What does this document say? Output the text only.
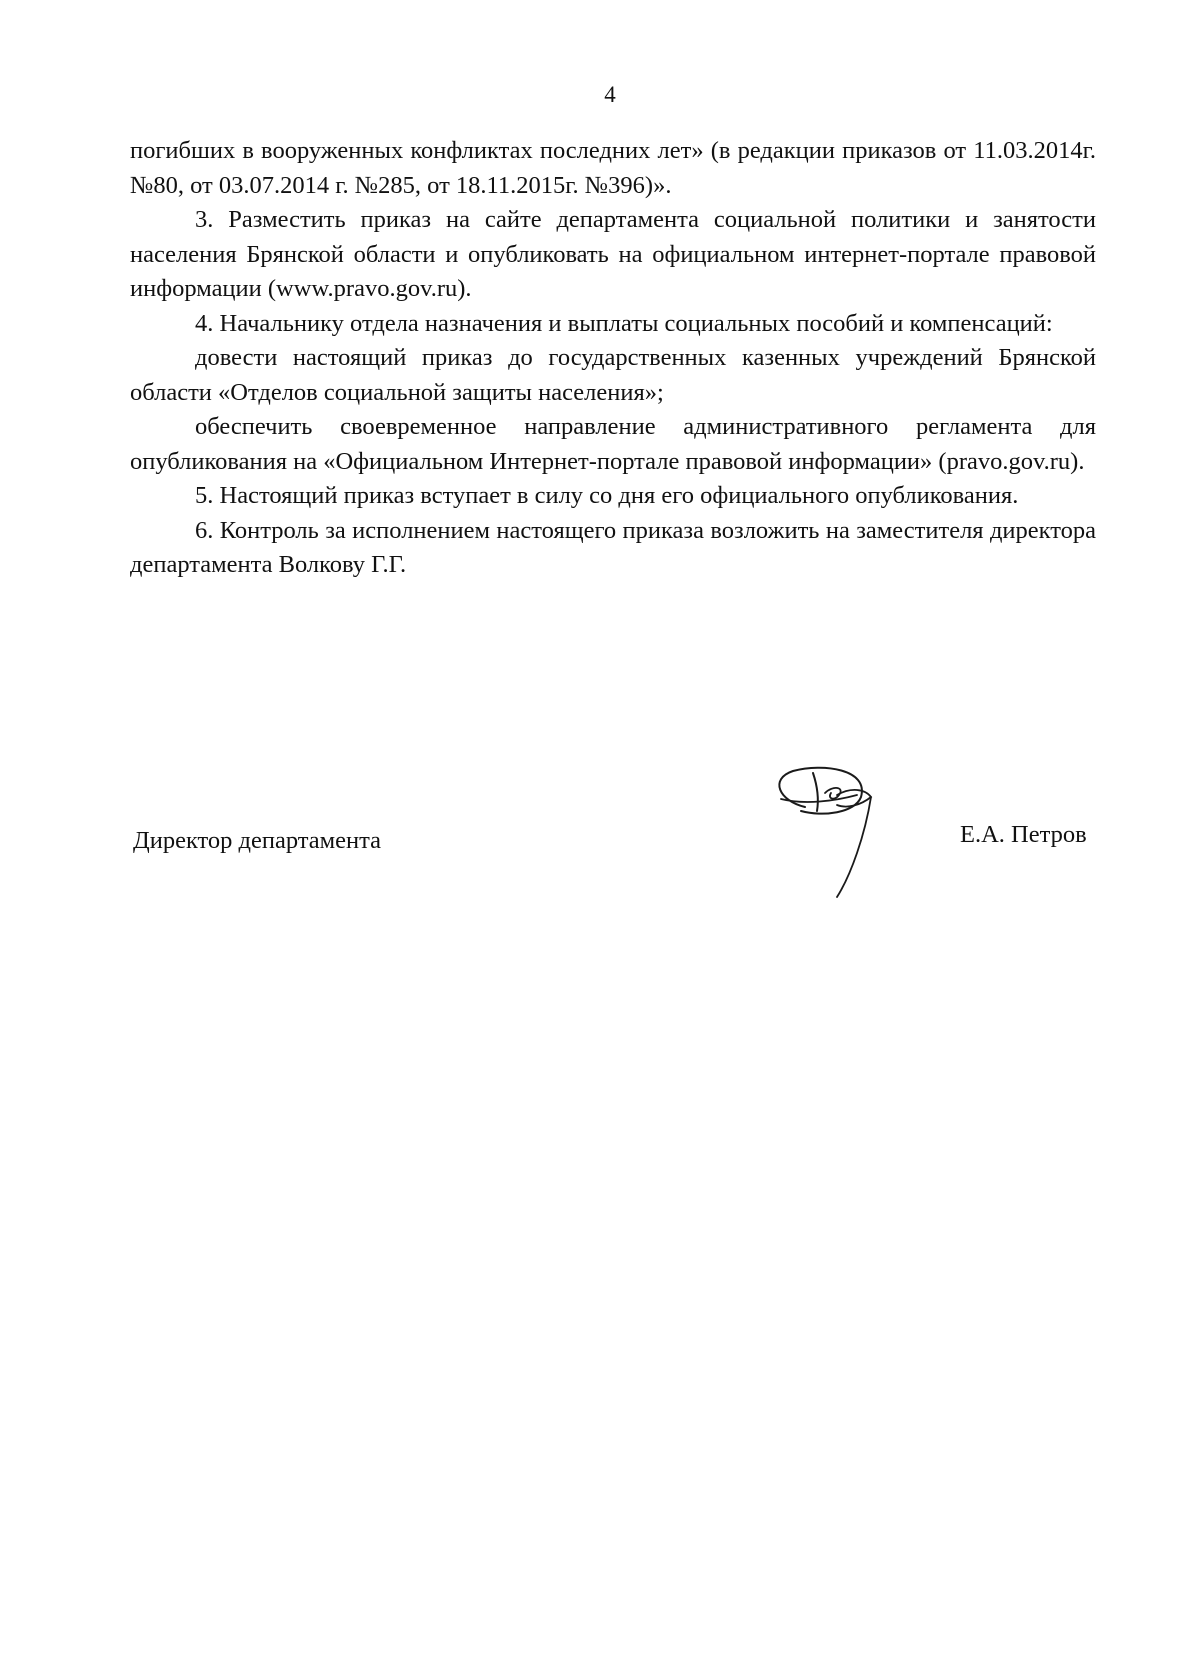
4

погибших в вооруженных конфликтах последних лет» (в редакции приказов от 11.03.2014г. №80, от 03.07.2014 г. №285, от 18.11.2015г. №396)».

3. Разместить приказ на сайте департамента социальной политики и занятости населения Брянской области и опубликовать на официальном интернет-портале правовой информации (www.pravo.gov.ru).

4. Начальнику отдела назначения и выплаты социальных пособий и компенсаций:

довести настоящий приказ до государственных казенных учреждений Брянской области «Отделов социальной защиты населения»;

обеспечить своевременное направление административного регламента для опубликования на «Официальном Интернет-портале правовой информации» (pravo.gov.ru).

5. Настоящий приказ вступает в силу со дня его официального опубликования.

6. Контроль за исполнением настоящего приказа возложить на заместителя директора департамента Волкову Г.Г.

Директор департамента	Е.А. Петров
